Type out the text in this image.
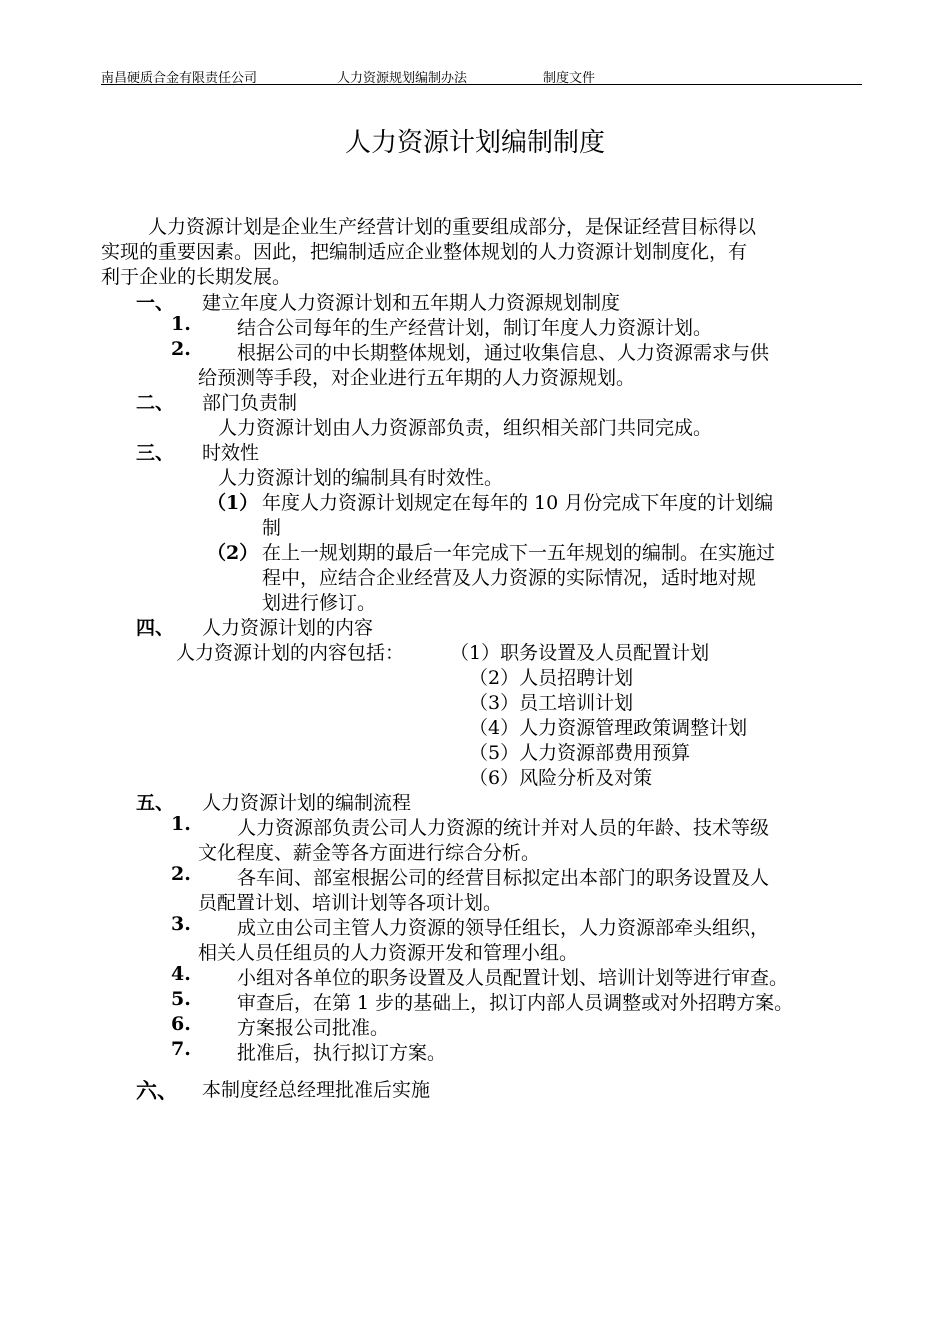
南昌硬质合金有限责任公司	人力资源规划编制办法	制度文件
人力资源计划编制制度
人力资源计划是企业生产经营计划的重要组成部分，是保证经营目标得以
实现的重要因素。因此，把编制适应企业整体规划的人力资源计划制度化，有
利于企业的长期发展。
一、 建立年度人力资源计划和五年期人力资源规划制度
1. 结合公司每年的生产经营计划，制订年度人力资源计划。
2. 根据公司的中长期整体规划，通过收集信息、人力资源需求与供
给预测等手段，对企业进行五年期的人力资源规划。
二、 部门负责制
人力资源计划由人力资源部负责，组织相关部门共同完成。
三、 时效性
人力资源计划的编制具有时效性。
（1） 年度人力资源计划规定在每年的 10 月份完成下年度的计划编
制
（2） 在上一规划期的最后一年完成下一五年规划的编制。在实施过
程中，应结合企业经营及人力资源的实际情况，适时地对规
划进行修订。
四、 人力资源计划的内容
人力资源计划的内容包括： （1）职务设置及人员配置计划
（2）人员招聘计划
（3）员工培训计划
（4）人力资源管理政策调整计划
（5）人力资源部费用预算
（6）风险分析及对策
五、 人力资源计划的编制流程
1. 人力资源部负责公司人力资源的统计并对人员的年龄、技术等级
文化程度、薪金等各方面进行综合分析。
2. 各车间、部室根据公司的经营目标拟定出本部门的职务设置及人
员配置计划、培训计划等各项计划。
3. 成立由公司主管人力资源的领导任组长，人力资源部牵头组织，
相关人员任组员的人力资源开发和管理小组。
4. 小组对各单位的职务设置及人员配置计划、培训计划等进行审查。
5. 审查后，在第 1 步的基础上，拟订内部人员调整或对外招聘方案。
6. 方案报公司批准。
7. 批准后，执行拟订方案。
六、 本制度经总经理批准后实施
